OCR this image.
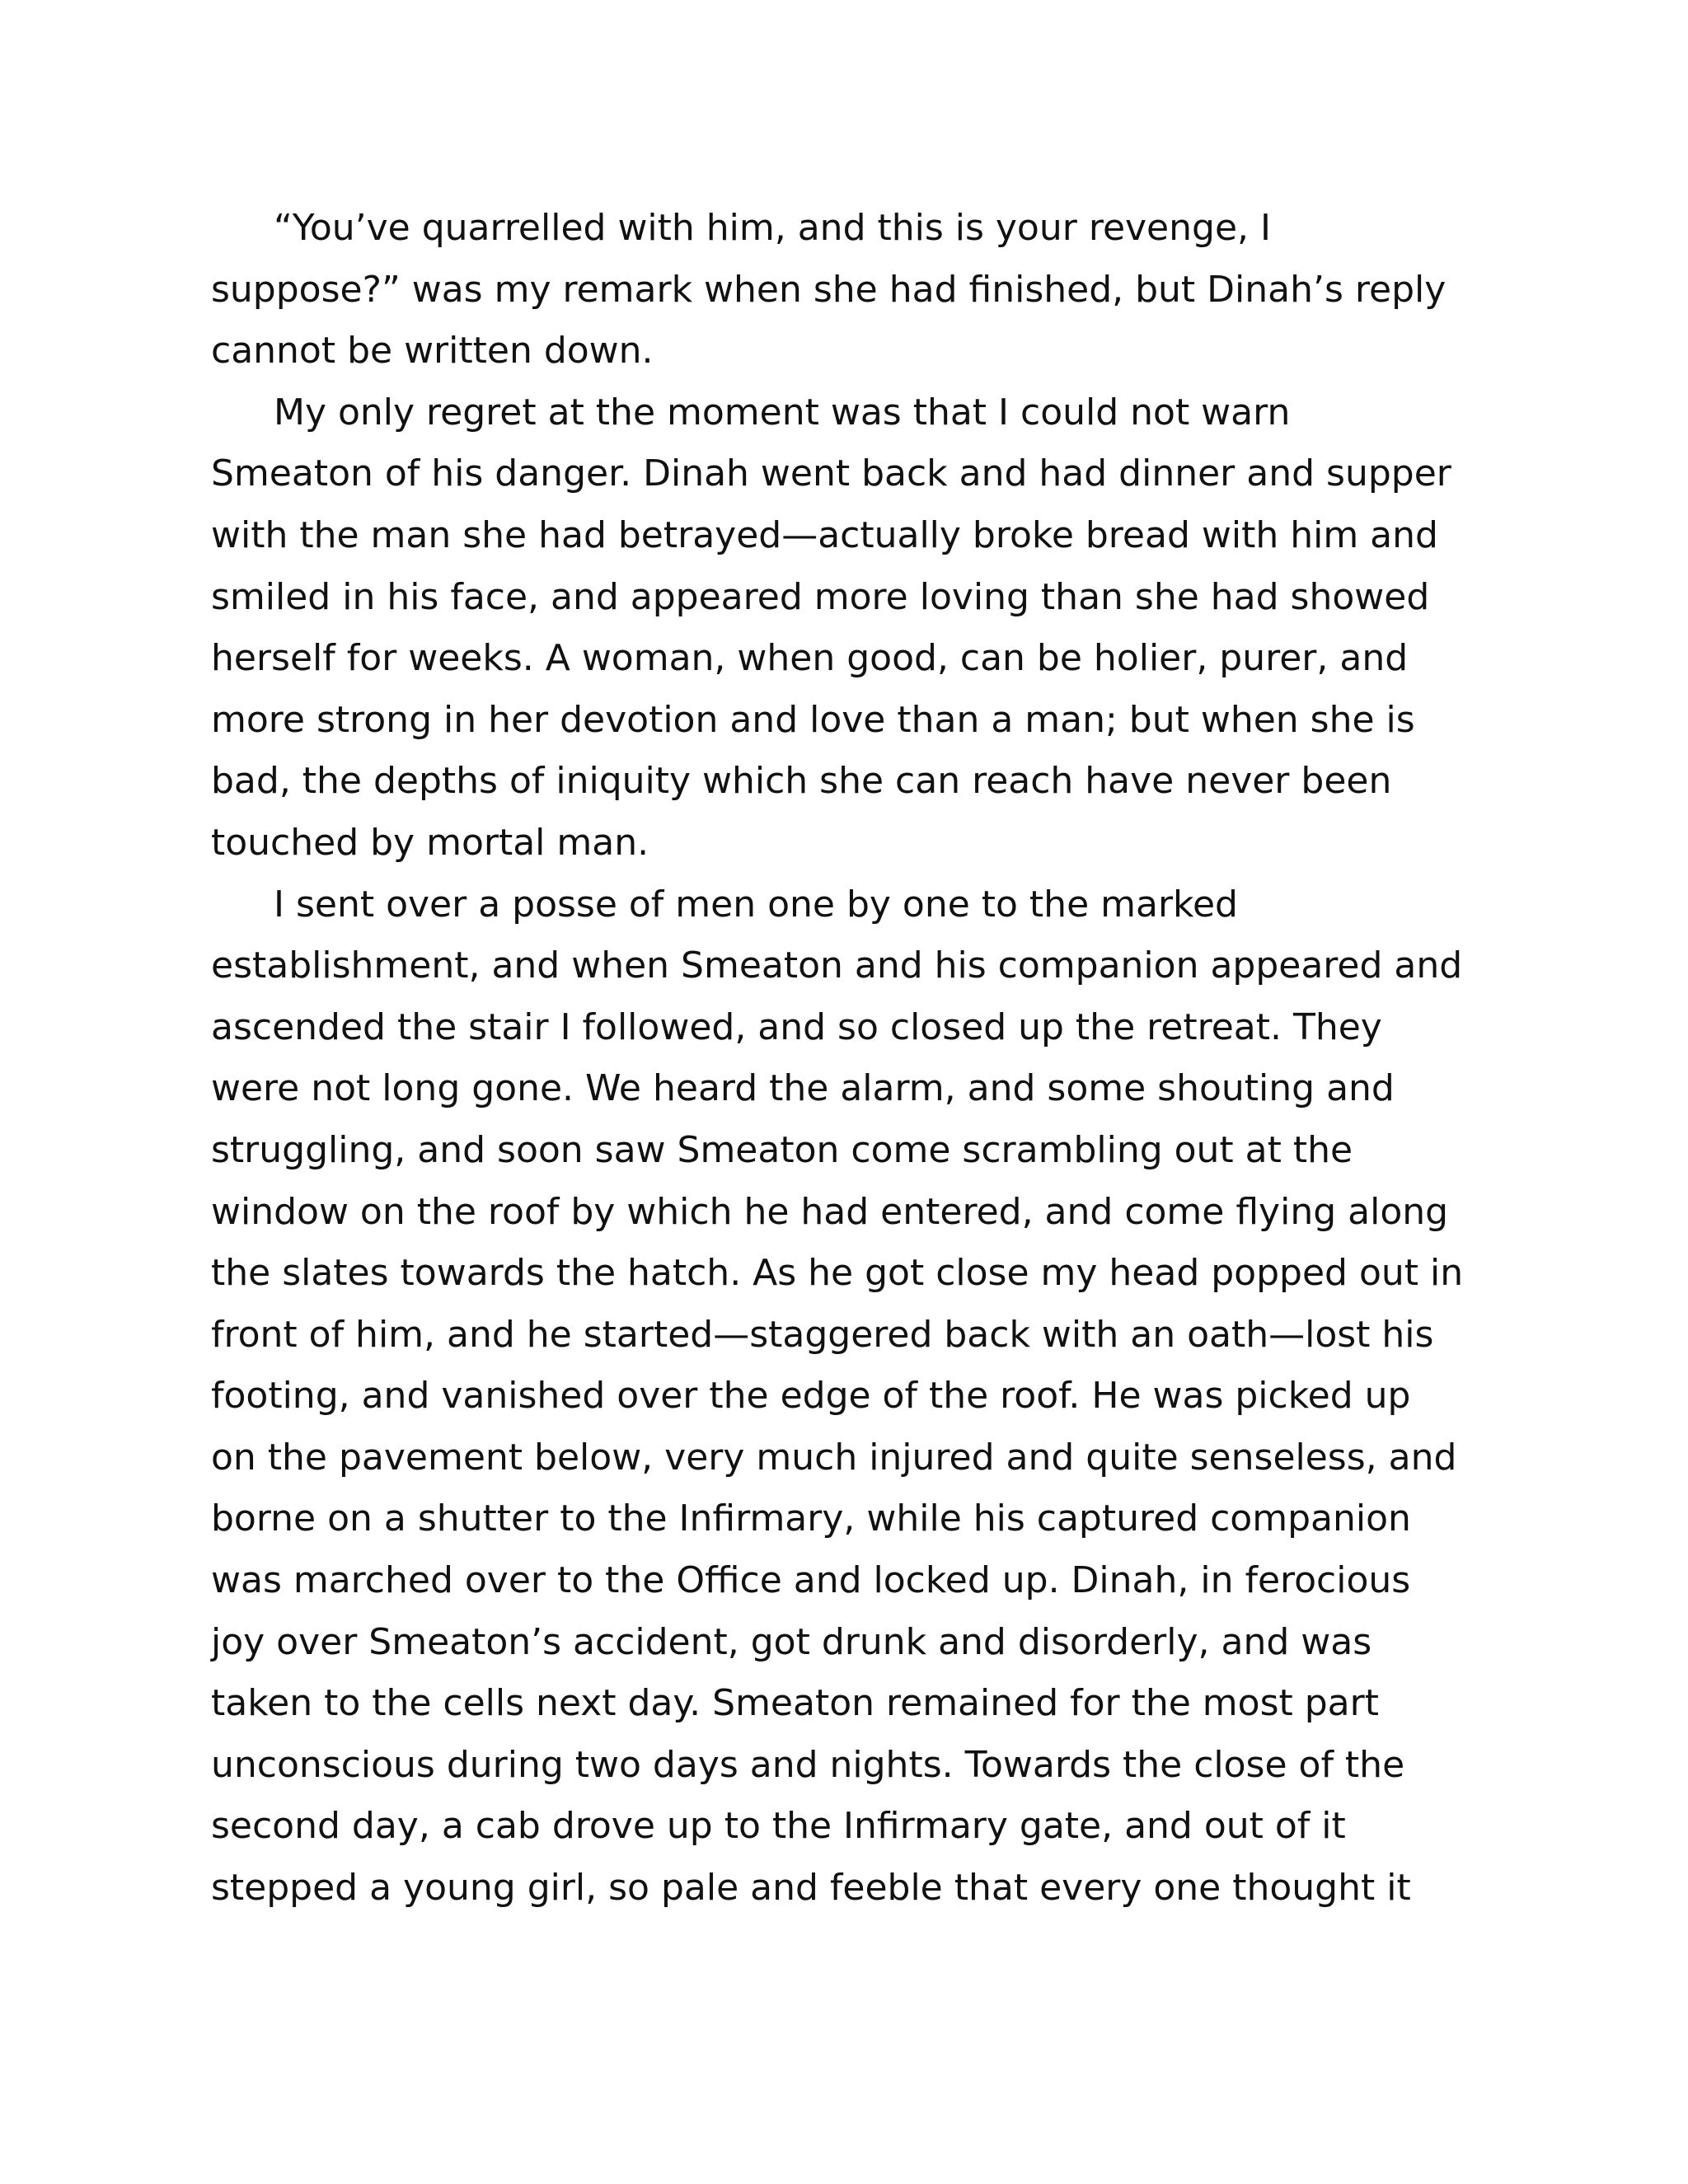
“You’ve quarrelled with him, and this is your revenge, I
suppose?” was my remark when she had finished, but Dinah’s reply
cannot be written down.
My only regret at the moment was that I could not warn
Smeaton of his danger. Dinah went back and had dinner and supper
with the man she had betrayed—actually broke bread with him and
smiled in his face, and appeared more loving than she had showed
herself for weeks. A woman, when good, can be holier, purer, and
more strong in her devotion and love than a man; but when she is
bad, the depths of iniquity which she can reach have never been
touched by mortal man.
I sent over a posse of men one by one to the marked
establishment, and when Smeaton and his companion appeared and
ascended the stair I followed, and so closed up the retreat. They
were not long gone. We heard the alarm, and some shouting and
struggling, and soon saw Smeaton come scrambling out at the
window on the roof by which he had entered, and come flying along
the slates towards the hatch. As he got close my head popped out in
front of him, and he started—staggered back with an oath—lost his
footing, and vanished over the edge of the roof. He was picked up
on the pavement below, very much injured and quite senseless, and
borne on a shutter to the Infirmary, while his captured companion
was marched over to the Office and locked up. Dinah, in ferocious
joy over Smeaton’s accident, got drunk and disorderly, and was
taken to the cells next day. Smeaton remained for the most part
unconscious during two days and nights. Towards the close of the
second day, a cab drove up to the Infirmary gate, and out of it
stepped a young girl, so pale and feeble that every one thought it
